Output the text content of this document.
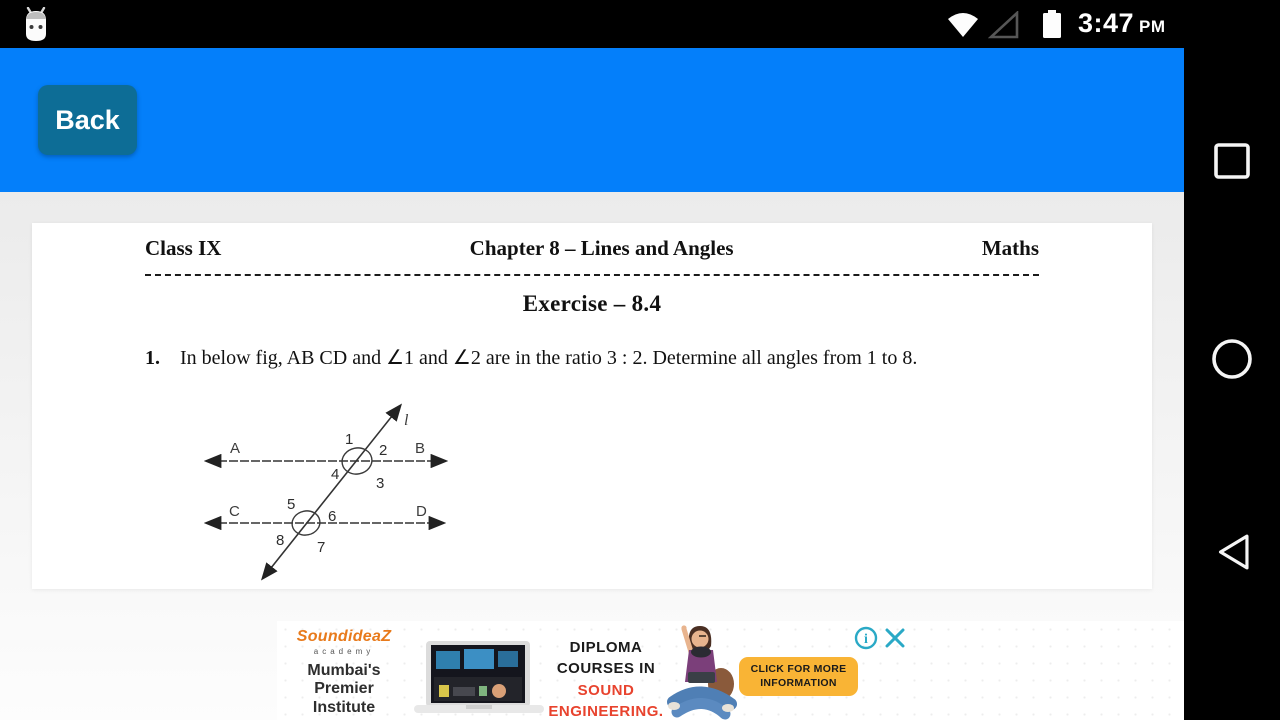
3:47 PM
Back
Class IX	Chapter 8 – Lines and Angles	Maths
Exercise – 8.4
1.	In below fig, AB CD and ∠1 and ∠2 are in the ratio 3 : 2. Determine all angles from 1 to 8.
A	B
C	D
l
1
2
3
4
5
6
7
8
SoundideaZ
academy
Mumbai's
Premier Institute
DIPLOMA
COURSES IN SOUND
ENGINEERING.
CLICK FOR MORE
INFORMATION
i
